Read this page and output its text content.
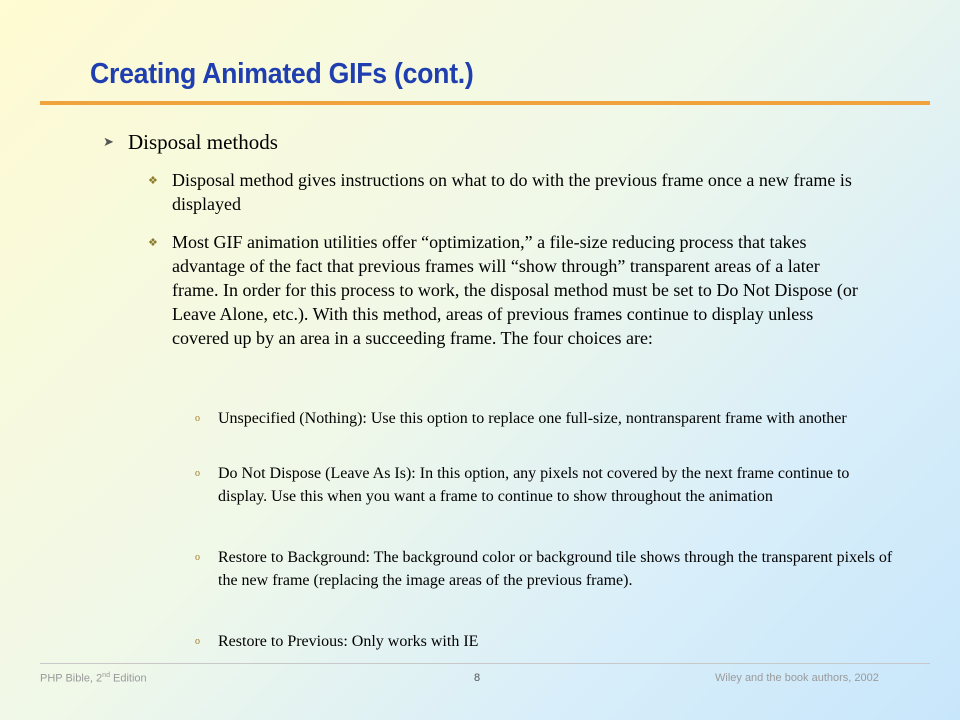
Creating Animated GIFs (cont.)
➤ Disposal methods
❖ Disposal method gives instructions on what to do with the previous frame once a new frame is displayed
❖ Most GIF animation utilities offer “optimization,” a file-size reducing process that takes advantage of the fact that previous frames will “show through” transparent areas of a later frame. In order for this process to work, the disposal method must be set to Do Not Dispose (or Leave Alone, etc.). With this method, areas of previous frames continue to display unless covered up by an area in a succeeding frame. The four choices are:
o Unspecified (Nothing): Use this option to replace one full-size, nontransparent frame with another
o Do Not Dispose (Leave As Is): In this option, any pixels not covered by the next frame continue to display. Use this when you want a frame to continue to show throughout the animation
o Restore to Background: The background color or background tile shows through the transparent pixels of the new frame (replacing the image areas of the previous frame).
o Restore to Previous: Only works with IE
PHP Bible, 2nd Edition	8	Wiley and the book authors, 2002
